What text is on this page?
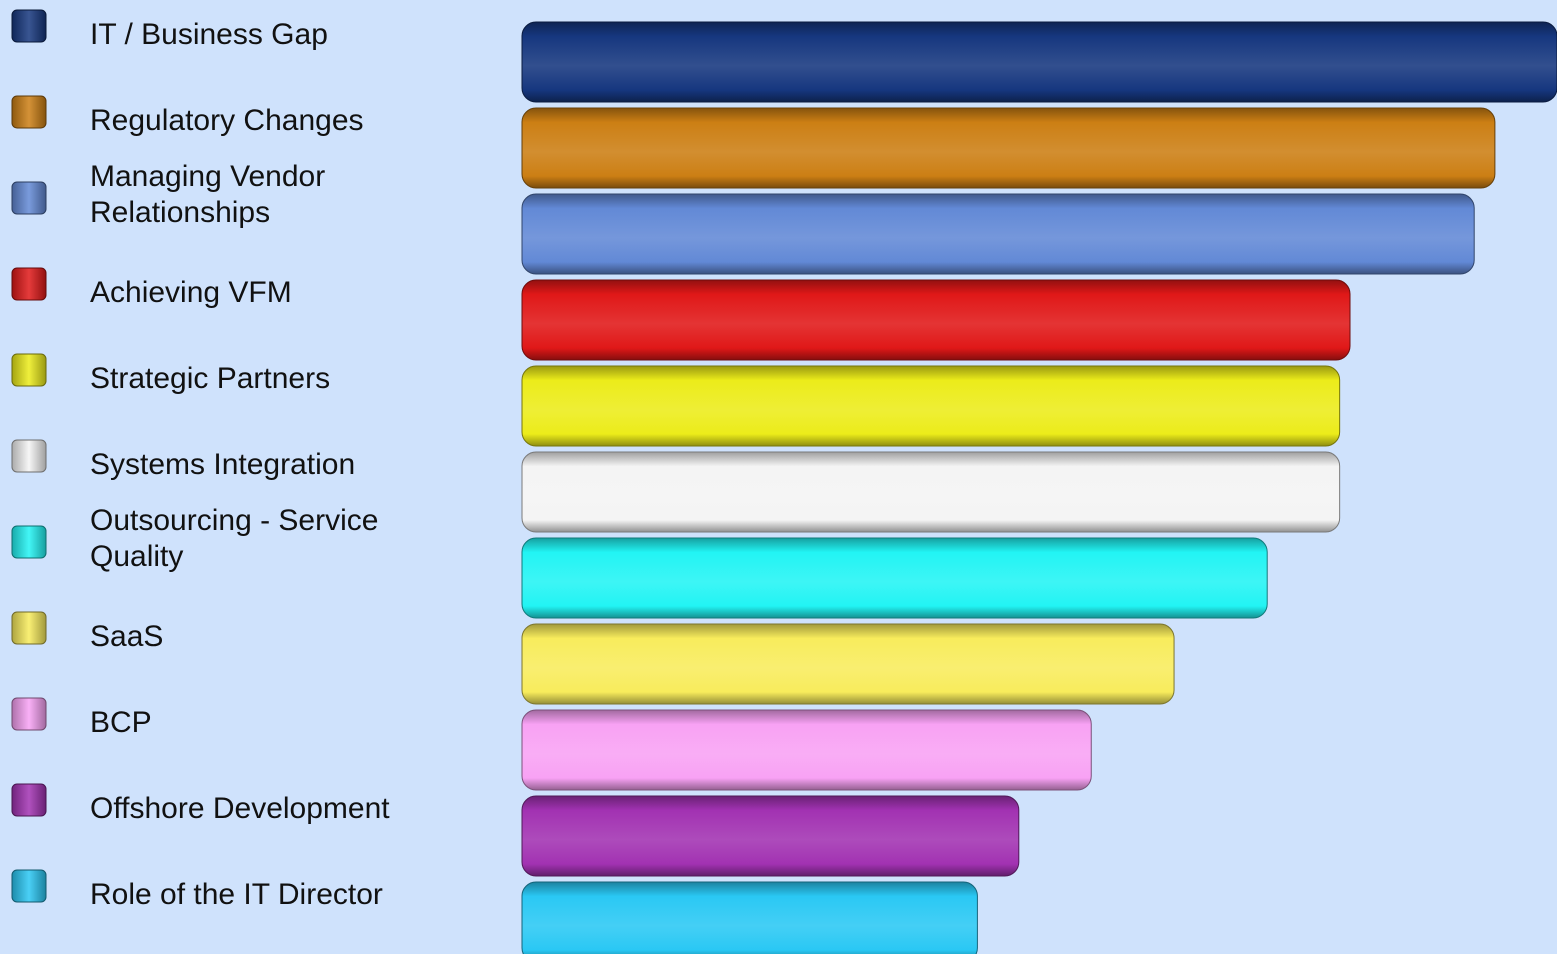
IT / Business Gap
Regulatory Changes
Managing Vendor Relationships
Achieving VFM
Strategic Partners
Systems Integration
Outsourcing - Service Quality
SaaS
BCP
Offshore Development
Role of the IT Director
